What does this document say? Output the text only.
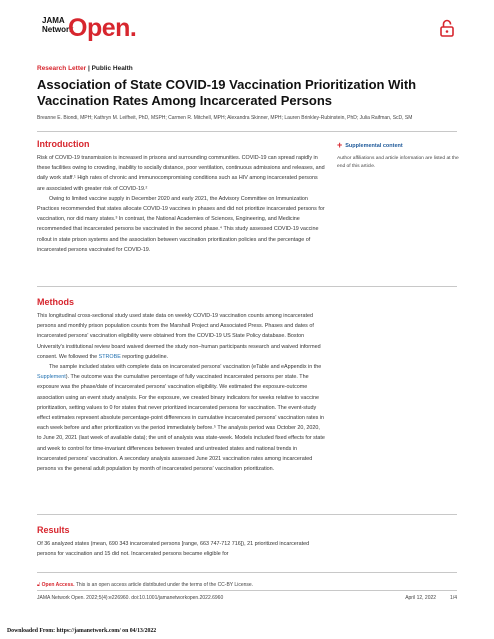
JAMA
Network
Open.
Research Letter | Public Health
Association of State COVID-19 Vaccination Prioritization With Vaccination Rates Among Incarcerated Persons
Breanne E. Biondi, MPH; Kathryn M. Leifheit, PhD, MSPH; Carmen R. Mitchell, MPH; Alexandra Skinner, MPH; Lauren Brinkley-Rubinstein, PhD; Julia Raifman, ScD, SM
+ Supplemental content
Author affiliations and article information are listed at the end of this article.
Introduction

Risk of COVID-19 transmission is increased in prisons and surrounding communities. COVID-19 can spread rapidly in these facilities owing to crowding, inability to socially distance, poor ventilation, continuous admissions and releases, and daily work staff.¹ High rates of chronic and immunocompromising conditions such as HIV among incarcerated persons are associated with greater risk of COVID-19.²

Owing to limited vaccine supply in December 2020 and early 2021, the Advisory Committee on Immunization Practices recommended that states allocate COVID-19 vaccines in phases and did not prioritize incarcerated persons for vaccination, nor did many states.³ In contrast, the National Academies of Sciences, Engineering, and Medicine recommended that incarcerated persons be vaccinated in the second phase.⁴ This study assessed COVID-19 vaccine rollout in state prison systems and the association between vaccination prioritization policies and the percentage of incarcerated persons vaccinated for COVID-19.

Methods

This longitudinal cross-sectional study used state data on weekly COVID-19 vaccination counts among incarcerated persons and monthly prison population counts from the Marshall Project and Associated Press. Phases and dates of incarcerated persons' vaccination eligibility were obtained from the COVID-19 US State Policy database. Boston University's institutional review board waived deemed the study non–human participants research and waived informed consent. We followed the STROBE reporting guideline.

The sample included states with complete data on incarcerated persons' vaccination (eTable and eAppendix in the Supplement). The outcome was the cumulative percentage of fully vaccinated incarcerated persons per state. The exposure was the phase/date of incarcerated persons' vaccination eligibility. We estimated the exposure-outcome association using an event study analysis. For the exposure, we created binary indicators for weeks relative to vaccine prioritization, setting values to 0 for states that never prioritized incarcerated persons for vaccination. The event-study effect estimates represent absolute percentage-point differences in cumulative incarcerated persons' vaccination rates in each week before and after prioritization vs the period immediately before.⁵ The analysis period was October 20, 2020, to June 20, 2021 (last week of available data); the unit of analysis was state-week. Models included fixed effects for state and week to control for time-invariant differences between treated and untreated states and national trends in incarcerated persons' vaccination. A secondary analysis assessed June 2021 vaccination rates among incarcerated persons vs the general adult population by month of incarcerated persons' vaccination prioritization.

Results

Of 36 analyzed states (mean, 690 343 incarcerated persons [range, 663 747-712 716]), 21 prioritized incarcerated persons for vaccination and 15 did not. Incarcerated persons became eligible for

🔓︎ Open Access. This is an open access article distributed under the terms of the CC-BY License.
JAMA Network Open. 2022;5(4):e226960. doi:10.1001/jamanetworkopen.2022.6960	April 12, 2022	1/4
Downloaded From: https://jamanetwork.com/ on 04/13/2022
